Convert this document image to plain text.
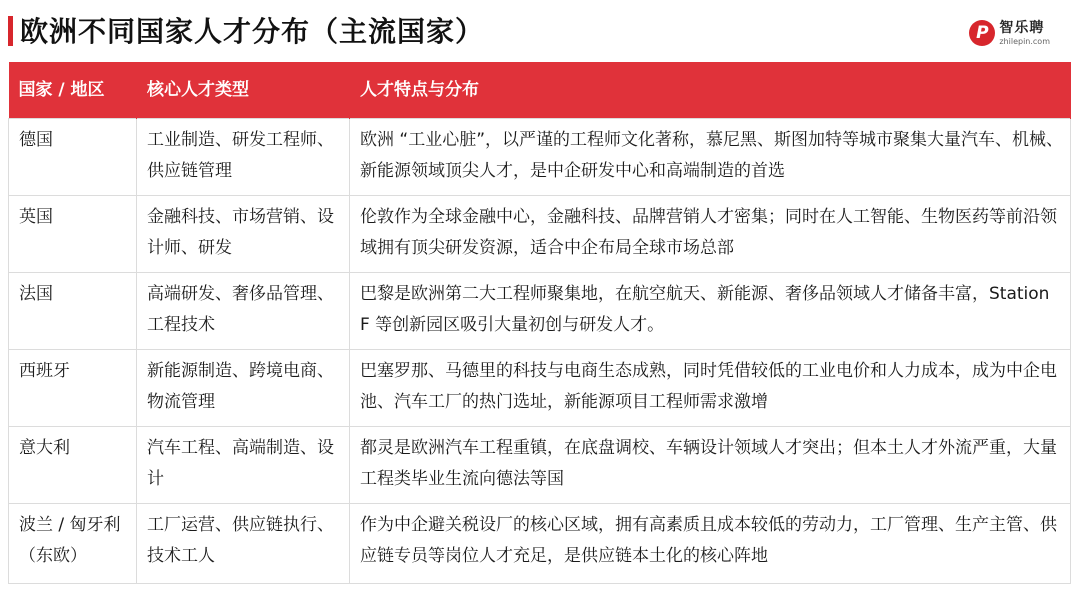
欧洲不同国家人才分布（主流国家）	P 智乐聘
zhilepin.com
国家 / 地区	核心人才类型	人才特点与分布
德国	工业制造、研发工程师、供应链管理	欧洲 “工业心脏”，以严谨的工程师文化著称，慕尼黑、斯图加特等城市聚集大量汽车、机械、新能源领域顶尖人才，是中企研发中心和高端制造的首选
英国	金融科技、市场营销、设计师、研发	伦敦作为全球金融中心，金融科技、品牌营销人才密集；同时在人工智能、生物医药等前沿领域拥有顶尖研发资源，适合中企布局全球市场总部
法国	高端研发、奢侈品管理、工程技术	巴黎是欧洲第二大工程师聚集地，在航空航天、新能源、奢侈品领域人才储备丰富，Station F 等创新园区吸引大量初创与研发人才。
西班牙	新能源制造、跨境电商、物流管理	巴塞罗那、马德里的科技与电商生态成熟，同时凭借较低的工业电价和人力成本，成为中企电池、汽车工厂的热门选址，新能源项目工程师需求激增
意大利	汽车工程、高端制造、设计	都灵是欧洲汽车工程重镇，在底盘调校、车辆设计领域人才突出；但本土人才外流严重，大量工程类毕业生流向德法等国
波兰 / 匈牙利（东欧）	工厂运营、供应链执行、技术工人	作为中企避关税设厂的核心区域，拥有高素质且成本较低的劳动力，工厂管理、生产主管、供应链专员等岗位人才充足，是供应链本土化的核心阵地
